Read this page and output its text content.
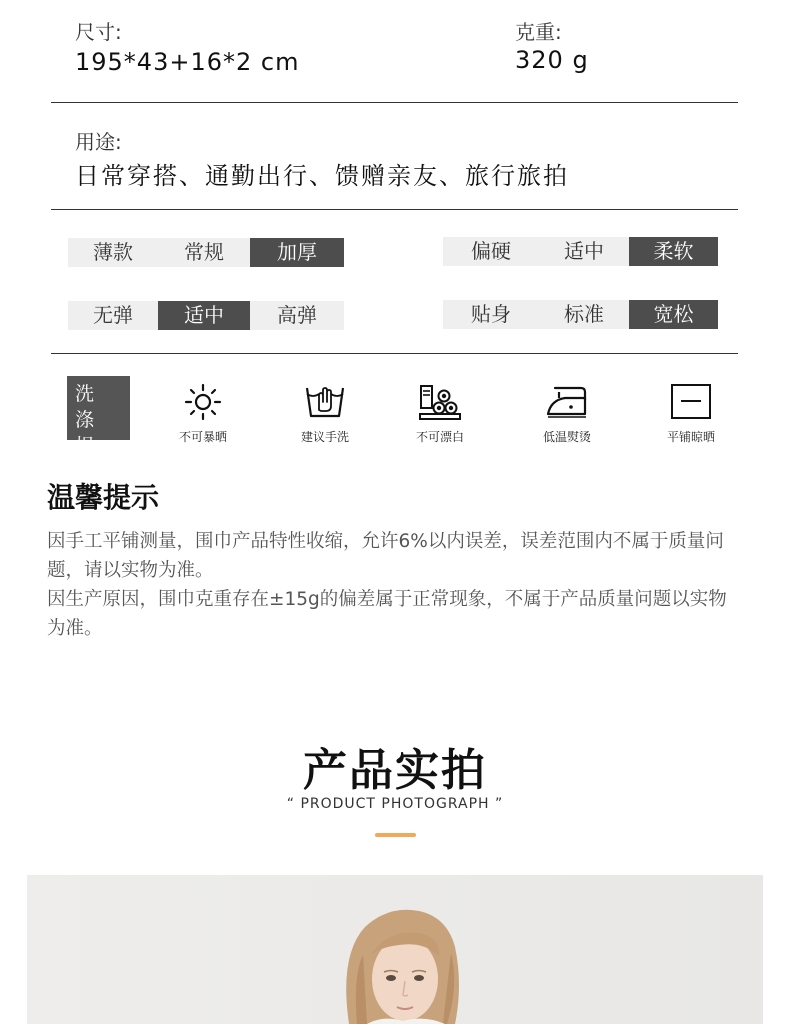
尺寸:
195*43+16*2 cm
克重:
320 g
用途:
日常穿搭、通勤出行、馈赠亲友、旅行旅拍
薄款	常规	加厚	偏硬	适中	柔软
无弹	适中	高弹	贴身	标准	宽松
洗 涤
提 示
不可暴晒	建议手洗	不可漂白	低温熨烫	平铺晾晒
温馨提示

因手工平铺测量，围巾产品特性收缩，允许6%以内误差，误差范围内不属于质量问题，请以实物为准。

因生产原因，围巾克重存在±15g的偏差属于正常现象，不属于产品质量问题以实物为准。

产品实拍
“ PRODUCT PHOTOGRAPH ”
